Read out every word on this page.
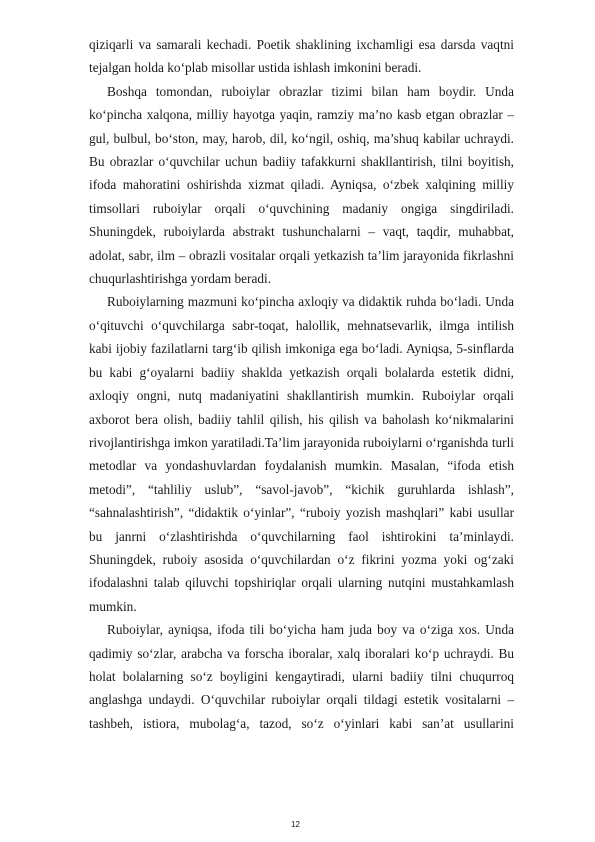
qiziqarli va samarali kechadi. Poetik shaklining ixchamligi esa darsda vaqtni tejalgan holda ko‘plab misollar ustida ishlash imkonini beradi.

Boshqa tomondan, ruboiylar obrazlar tizimi bilan ham boydir. Unda ko‘pincha xalqona, milliy hayotga yaqin, ramziy ma’no kasb etgan obrazlar – gul, bulbul, bo‘ston, may, harob, dil, ko‘ngil, oshiq, ma’shuq kabilar uchraydi. Bu obrazlar o‘quvchilar uchun badiiy tafakkurni shakllantirish, tilni boyitish, ifoda mahoratini oshirishda xizmat qiladi. Ayniqsa, o‘zbek xalqining milliy timsollari ruboiylar orqali o‘quvchining madaniy ongiga singdiriladi. Shuningdek, ruboiylarda abstrakt tushunchalarni – vaqt, taqdir, muhabbat, adolat, sabr, ilm – obrazli vositalar orqali yetkazish ta’lim jarayonida fikrlashni chuqurlashtirishga yordam beradi.

Ruboiylarning mazmuni ko‘pincha axloqiy va didaktik ruhda bo‘ladi. Unda o‘qituvchi o‘quvchilarga sabr-toqat, halollik, mehnatsevarlik, ilmga intilish kabi ijobiy fazilatlarni targ‘ib qilish imkoniga ega bo‘ladi. Ayniqsa, 5-sinflarda bu kabi g‘oyalarni badiiy shaklda yetkazish orqali bolalarda estetik didni, axloqiy ongni, nutq madaniyatini shakllantirish mumkin. Ruboiylar orqali axborot bera olish, badiiy tahlil qilish, his qilish va baholash ko‘nikmalarini rivojlantirishga imkon yaratiladi.Ta’lim jarayonida ruboiylarni o‘rganishda turli metodlar va yondashuvlardan foydalanish mumkin. Masalan, “ifoda etish metodi”, “tahliliy uslub”, “savol-javob”, “kichik guruhlarda ishlash”, “sahnalashtirish”, “didaktik o‘yinlar”, “ruboiy yozish mashqlari” kabi usullar bu janrni o‘zlashtirishda o‘quvchilarning faol ishtirokini ta’minlaydi. Shuningdek, ruboiy asosida o‘quvchilardan o‘z fikrini yozma yoki og‘zaki ifodalashni talab qiluvchi topshiriqlar orqali ularning nutqini mustahkamlash mumkin.

Ruboiylar, ayniqsa, ifoda tili bo‘yicha ham juda boy va o‘ziga xos. Unda qadimiy so‘zlar, arabcha va forscha iboralar, xalq iboralari ko‘p uchraydi. Bu holat bolalarning so‘z boyligini kengaytiradi, ularni badiiy tilni chuqurroq anglashga undaydi. O‘quvchilar ruboiylar orqali tildagi estetik vositalarni – tashbeh, istiora, mubolag‘a, tazod, so‘z o‘yinlari kabi san’at usullarini

12
